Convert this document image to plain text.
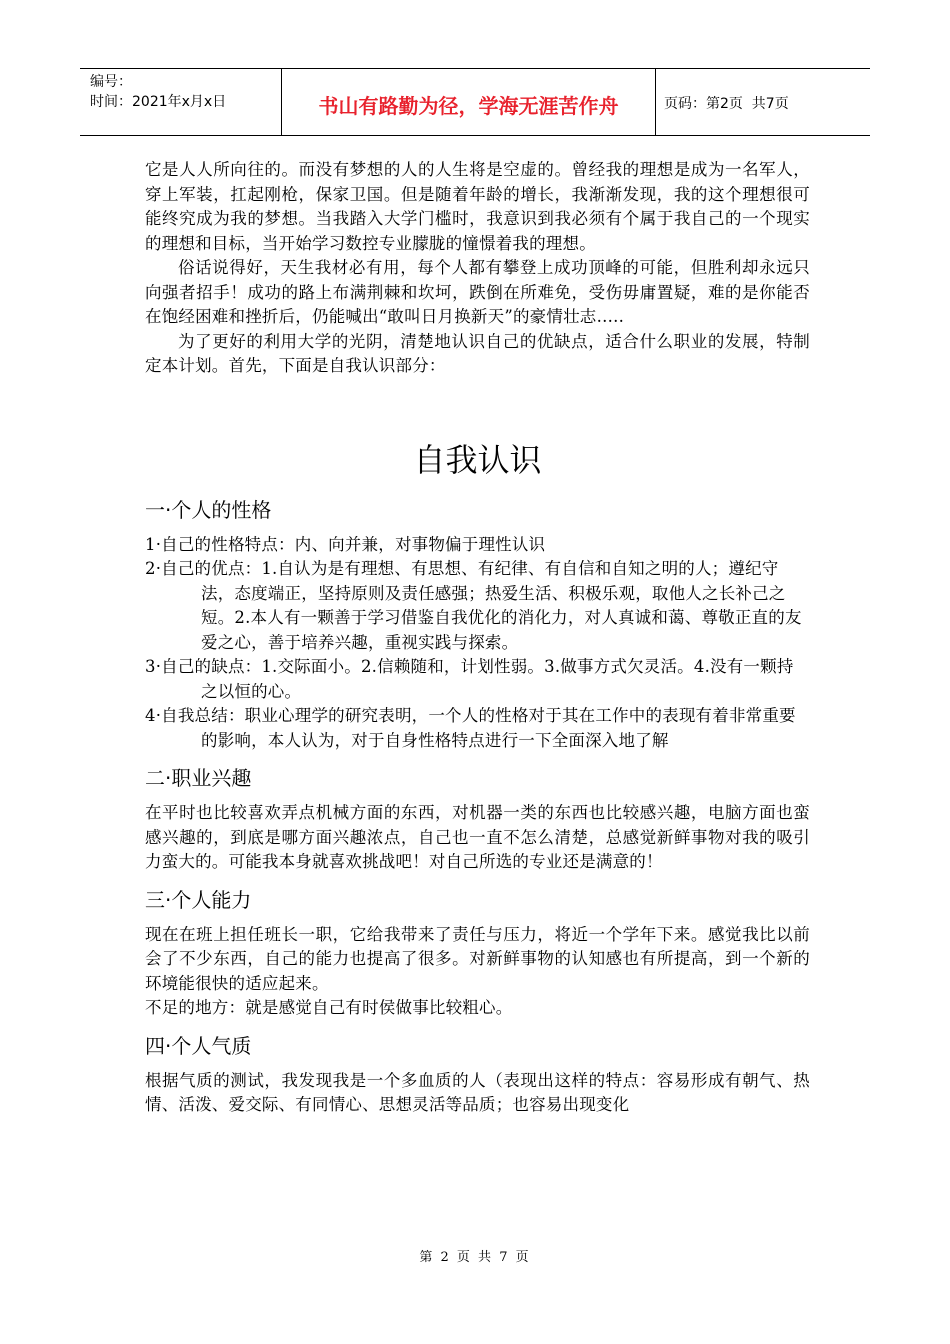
编号：
时间：2021年x月x日	书山有路勤为径，学海无涯苦作舟	页码：第2页  共7页

它是人人所向往的。而没有梦想的人的人生将是空虚的。曾经我的理想是成为一名军人，穿上军装，扛起刚枪，保家卫国。但是随着年龄的增长，我渐渐发现，我的这个理想很可能终究成为我的梦想。当我踏入大学门槛时，我意识到我必须有个属于我自己的一个现实的理想和目标，当开始学习数控专业朦胧的憧憬着我的理想。

俗话说得好，天生我材必有用，每个人都有攀登上成功顶峰的可能，但胜利却永远只向强者招手！成功的路上布满荆棘和坎坷，跌倒在所难免，受伤毋庸置疑，难的是你能否在饱经困难和挫折后，仍能喊出“敢叫日月换新天”的豪情壮志…..

为了更好的利用大学的光阴，清楚地认识自己的优缺点，适合什么职业的发展，特制定本计划。首先，下面是自我认识部分：

自我认识
一·个人的性格

1·自己的性格特点：内、向并兼，对事物偏于理性认识

2·自己的优点：1.自认为是有理想、有思想、有纪律、有自信和自知之明的人；遵纪守法，态度端正，坚持原则及责任感强；热爱生活、积极乐观，取他人之长补己之短。2.本人有一颗善于学习借鉴自我优化的消化力，对人真诚和蔼、尊敬正直的友爱之心，善于培养兴趣，重视实践与探索。

3·自己的缺点：1.交际面小。2.信赖随和，计划性弱。3.做事方式欠灵活。4.没有一颗持之以恒的心。

4·自我总结：职业心理学的研究表明，一个人的性格对于其在工作中的表现有着非常重要的影响，本人认为，对于自身性格特点进行一下全面深入地了解

二·职业兴趣

在平时也比较喜欢弄点机械方面的东西，对机器一类的东西也比较感兴趣，电脑方面也蛮感兴趣的，到底是哪方面兴趣浓点，自己也一直不怎么清楚，总感觉新鲜事物对我的吸引力蛮大的。可能我本身就喜欢挑战吧！对自己所选的专业还是满意的！

三·个人能力

现在在班上担任班长一职，它给我带来了责任与压力，将近一个学年下来。感觉我比以前会了不少东西，自己的能力也提高了很多。对新鲜事物的认知感也有所提高，到一个新的环境能很快的适应起来。

不足的地方：就是感觉自己有时侯做事比较粗心。

四·个人气质

根据气质的测试，我发现我是一个多血质的人（表现出这样的特点：容易形成有朝气、热情、活泼、爱交际、有同情心、思想灵活等品质；也容易出现变化

第 2 页 共 7 页
